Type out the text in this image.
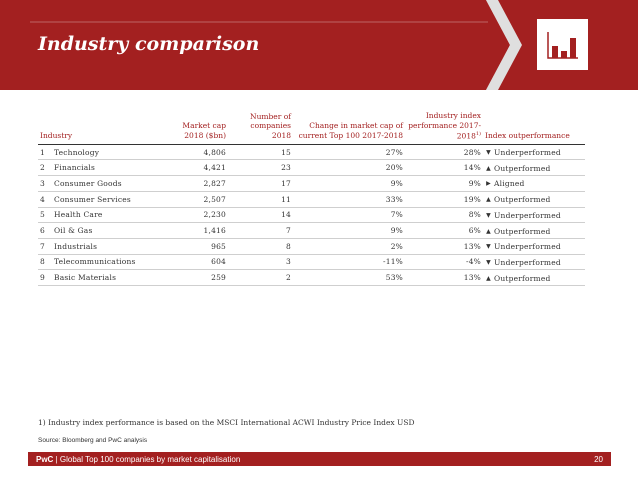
Industry comparison
Industry		Market cap 2018 ($bn)	Number of companies 2018	Change in market cap of current Top 100 2017-2018	Industry index performance 2017-2018$^{1)}$	Index outperformance
1	Technology	4,806	15	27%	28%	▼ Underperformed

2	Financials	4,421	23	20%	14%	▲ Outperformed

3	Consumer Goods	2,827	17	9%	9%	▶ Aligned

4	Consumer Services	2,507	11	33%	19%	▲ Outperformed

5	Health Care	2,230	14	7%	8%	▼ Underperformed

6	Oil & Gas	1,416	7	9%	6%	▲ Outperformed

7	Industrials	965	8	2%	13%	▼ Underperformed

8	Telecommunications	604	3	-11%	-4%	▼ Underperformed

9	Basic Materials	259	2	53%	13%	▲ Outperformed
1) Industry index performance is based on the MSCI International ACWI Industry Price Index USD
Source: Bloomberg and PwC analysis
PwC | Global Top 100 companies by market capitalisation	20
